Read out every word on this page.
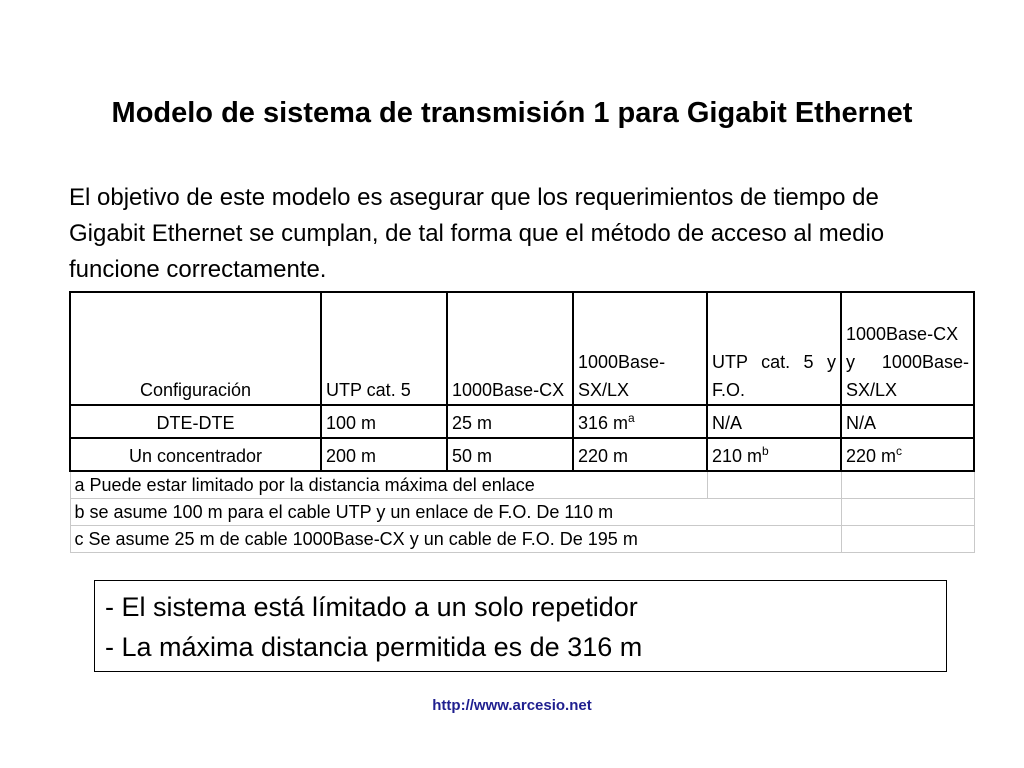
Modelo de sistema de transmisión 1 para Gigabit Ethernet

El objetivo de este modelo es asegurar que los requerimientos de tiempo de Gigabit Ethernet se cumplan, de tal forma que el método de acceso al medio funcione correctamente.

Configuración	UTP cat. 5	1000Base-CX	1000Base-SX/LX	UTP cat. 5 y F.O.	1000Base-CX y 1000Base-SX/LX
DTE-DTE	100 m	25 m	316 $m^a$	N/A	N/A
Un concentrador	200 m	50 m	220 m	210 $m^b$	220 $m^c$
a Puede estar limitado por la distancia máxima del enlace					
b se asume 100 m para el cable UTP y un enlace de F.O. De 110 m					
c Se asume 25 m de cable 1000Base-CX y un cable de F.O. De 195 m					
- El sistema está límitado a un solo repetidor
- La máxima distancia permitida es de 316 m
http://www.arcesio.net
